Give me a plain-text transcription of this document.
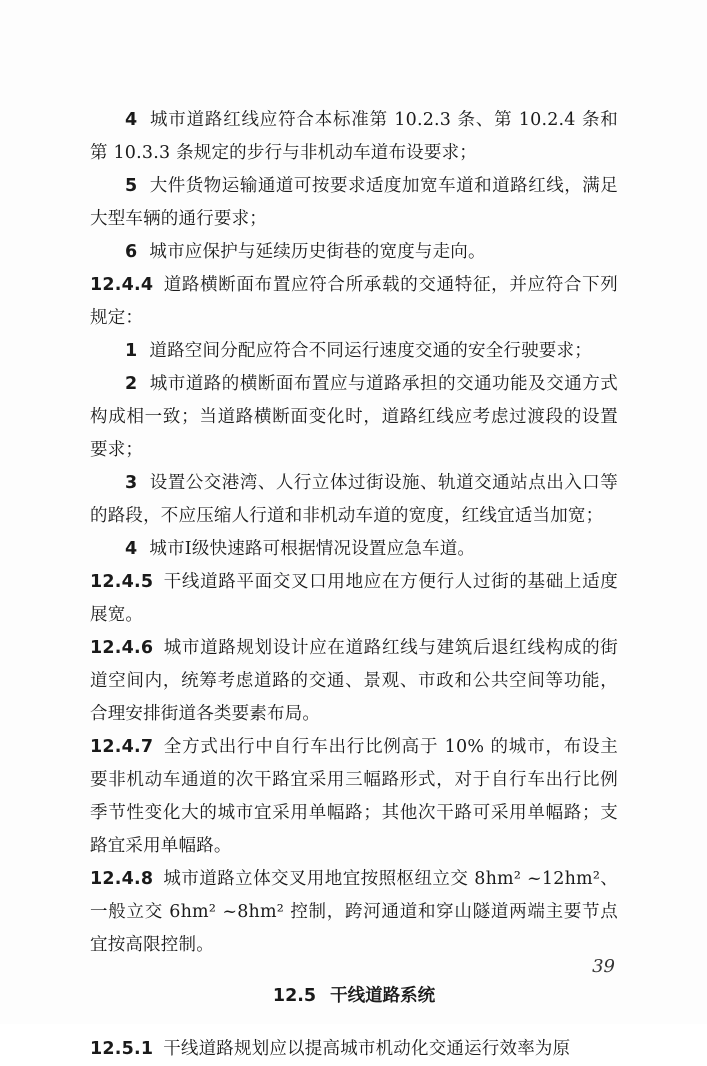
4 城市道路红线应符合本标准第 10.2.3 条、第 10.2.4 条和第 10.3.3 条规定的步行与非机动车道布设要求；

5 大件货物运输通道可按要求适度加宽车道和道路红线，满足大型车辆的通行要求；

6 城市应保护与延续历史街巷的宽度与走向。

12.4.4 道路横断面布置应符合所承载的交通特征，并应符合下列规定：

1 道路空间分配应符合不同运行速度交通的安全行驶要求；

2 城市道路的横断面布置应与道路承担的交通功能及交通方式构成相一致；当道路横断面变化时，道路红线应考虑过渡段的设置要求；

3 设置公交港湾、人行立体过街设施、轨道交通站点出入口等的路段，不应压缩人行道和非机动车道的宽度，红线宜适当加宽；

4 城市Ⅰ级快速路可根据情况设置应急车道。

12.4.5 干线道路平面交叉口用地应在方便行人过街的基础上适度展宽。

12.4.6 城市道路规划设计应在道路红线与建筑后退红线构成的街道空间内，统筹考虑道路的交通、景观、市政和公共空间等功能，合理安排街道各类要素布局。

12.4.7 全方式出行中自行车出行比例高于 10% 的城市，布设主要非机动车通道的次干路宜采用三幅路形式，对于自行车出行比例季节性变化大的城市宜采用单幅路；其他次干路可采用单幅路；支路宜采用单幅路。

12.4.8 城市道路立体交叉用地宜按照枢纽立交 8hm² ~12hm²、一般立交 6hm² ~8hm² 控制，跨河通道和穿山隧道两端主要节点宜按高限控制。

12.5 干线道路系统

12.5.1 干线道路规划应以提高城市机动化交通运行效率为原

39
